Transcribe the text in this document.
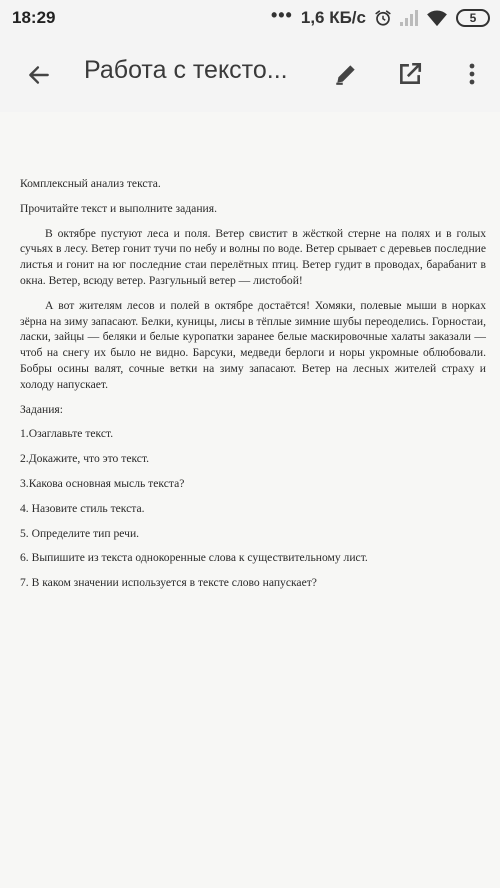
18:29	••• 1,6 КБ/с	5
Работа с тексто...

Комплексный анализ текста.

Прочитайте текст и выполните задания.

В октябре пустуют леса и поля. Ветер свистит в жёсткой стерне на полях и в голых сучьях в лесу. Ветер гонит тучи по небу и волны по воде. Ветер срывает с деревьев последние листья и гонит на юг последние стаи перелётных птиц. Ветер гудит в проводах, барабанит в окна. Ветер, всюду ветер. Разгульный ветер — листобой!

А вот жителям лесов и полей в октябре достаётся! Хомяки, полевые мыши в норках зёрна на зиму запасают. Белки, куницы, лисы в тёплые зимние шубы переоделись. Горностаи, ласки, зайцы — беляки и белые куропатки заранее белые маскировочные халаты заказали — чтоб на снегу их было не видно. Барсуки, медведи берлоги и норы укромные облюбовали. Бобры осины валят, сочные ветки на зиму запасают. Ветер на лесных жителей страху и холоду напускает.

Задания:

1.Озаглавьте текст.

2.Докажите, что это текст.

3.Какова основная мысль текста?

4. Назовите стиль текста.

5. Определите тип речи.

6. Выпишите из текста однокоренные слова к существительному лист.

7. В каком значении используется в тексте слово напускает?
